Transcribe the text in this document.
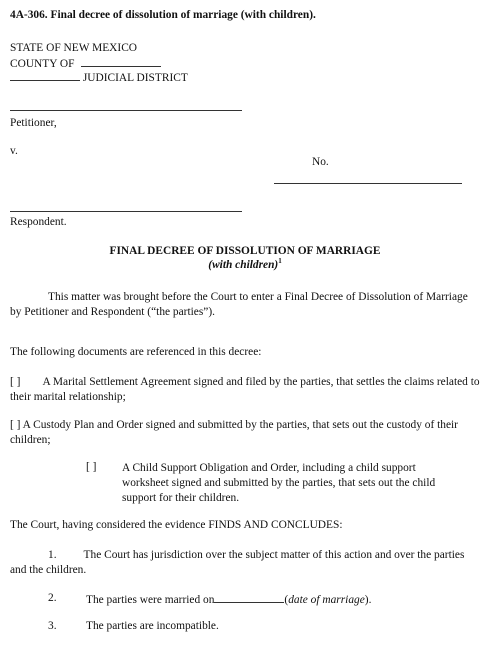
4A-306. Final decree of dissolution of marriage (with children).
STATE OF NEW MEXICO
COUNTY OF
JUDICIAL DISTRICT
Petitioner,
v.
No.
Respondent.
FINAL DECREE OF DISSOLUTION OF MARRIAGE
(with children)$^1$
This matter was brought before the Court to enter a Final Decree of Dissolution of Marriage by Petitioner and Respondent (“the parties”).
The following documents are referenced in this decree:
[ ] A Marital Settlement Agreement signed and filed by the parties, that settles the claims related to their marital relationship;
[ ] A Custody Plan and Order signed and submitted by the parties, that sets out the custody of their children;
[ ] A Child Support Obligation and Order, including a child support worksheet signed and submitted by the parties, that sets out the child support for their children.
The Court, having considered the evidence FINDS AND CONCLUDES:
1. The Court has jurisdiction over the subject matter of this action and over the parties and the children.
2.	The parties were married on	(date of marriage).
3.	The parties are incompatible.
